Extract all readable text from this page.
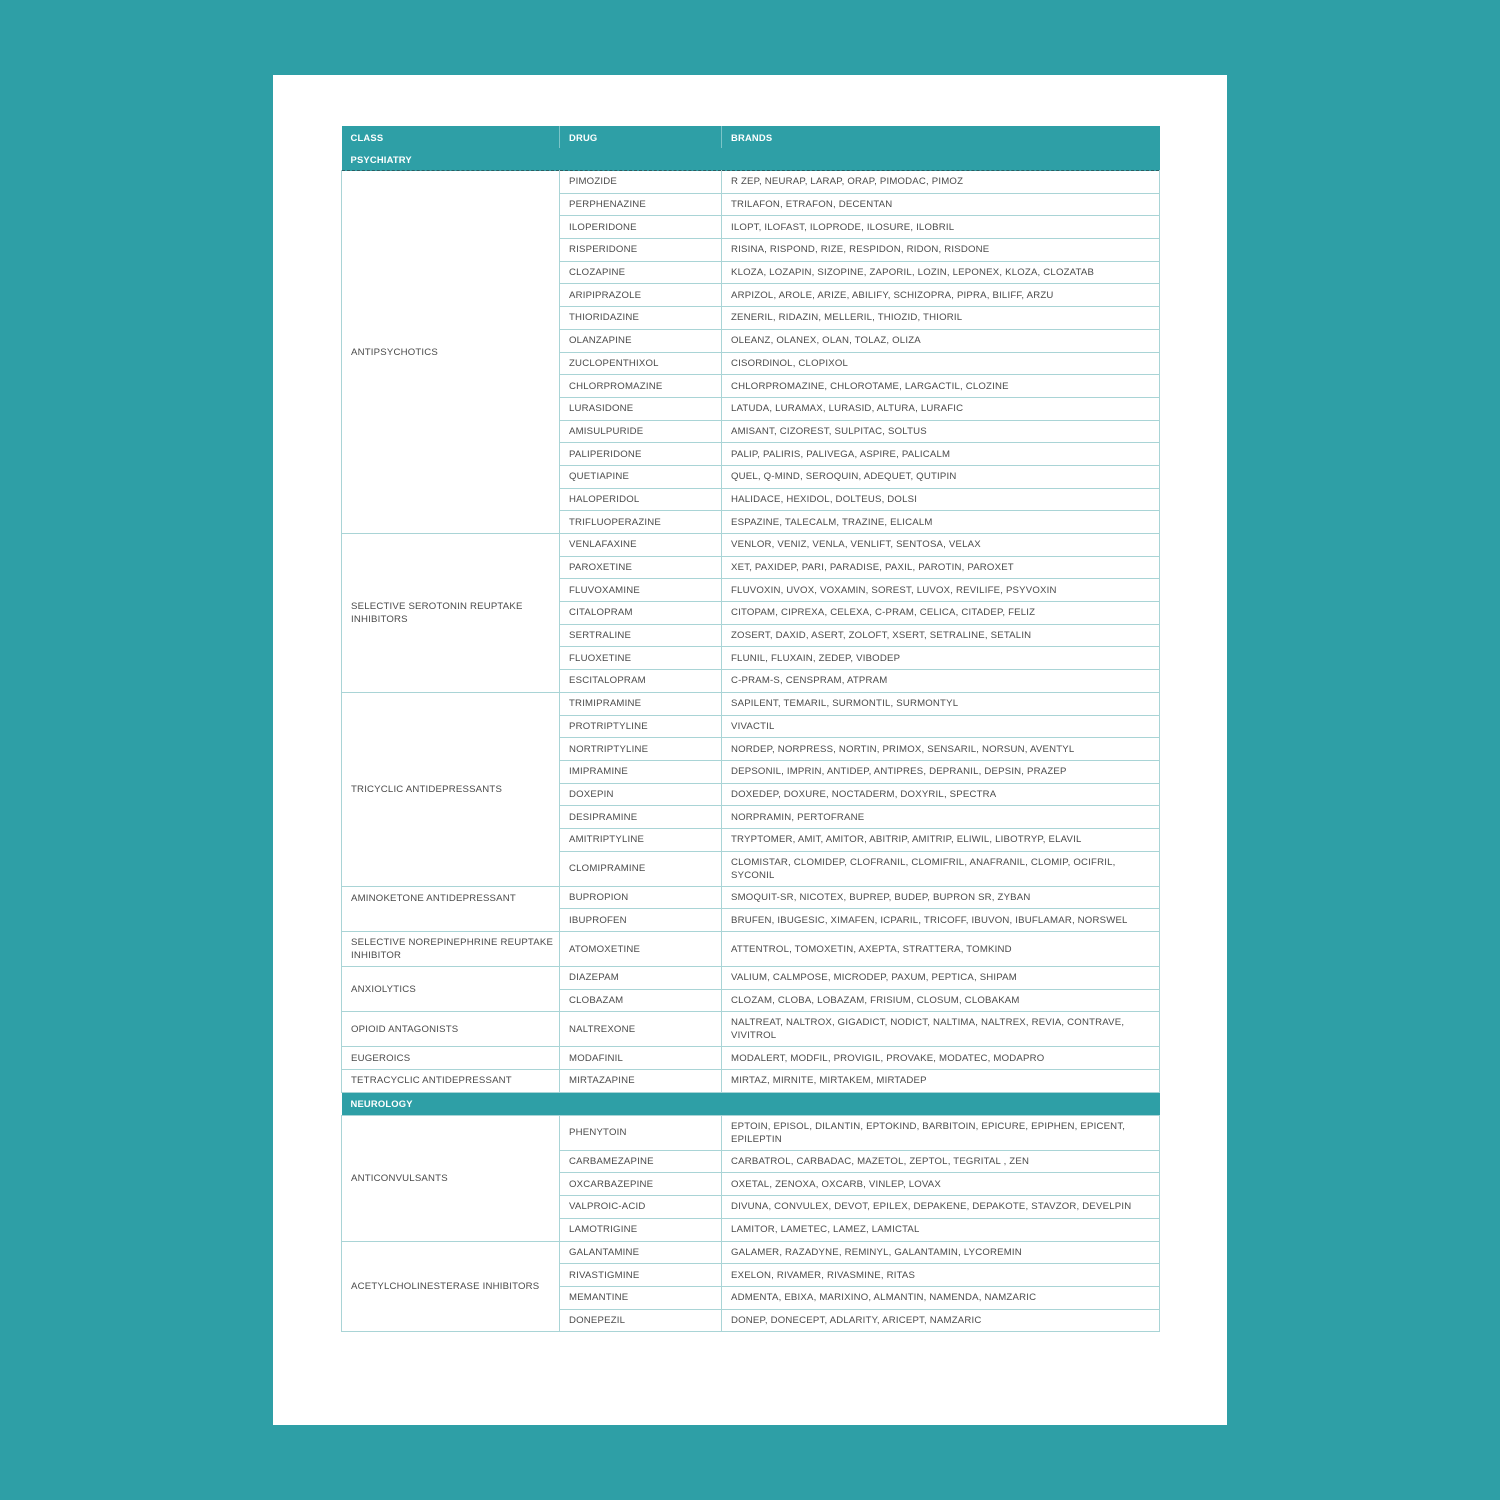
CLASS	DRUG	BRANDS
PSYCHIATRY		
ANTIPSYCHOTICS	PIMOZIDE	R ZEP, NEURAP, LARAP, ORAP, PIMODAC, PIMOZ
	PERPHENAZINE	TRILAFON, ETRAFON, DECENTAN
	ILOPERIDONE	ILOPT, ILOFAST, ILOPRODE, ILOSURE, ILOBRIL
	RISPERIDONE	RISINA, RISPOND, RIZE, RESPIDON, RIDON, RISDONE
	CLOZAPINE	KLOZA, LOZAPIN, SIZOPINE, ZAPORIL, LOZIN, LEPONEX, KLOZA, CLOZATAB
	ARIPIPRAZOLE	ARPIZOL, AROLE, ARIZE, ABILIFY, SCHIZOPRA, PIPRA, BILIFF, ARZU
	THIORIDAZINE	ZENERIL, RIDAZIN, MELLERIL, THIOZID, THIORIL
	OLANZAPINE	OLEANZ, OLANEX, OLAN, TOLAZ, OLIZA
	ZUCLOPENTHIXOL	CISORDINOL, CLOPIXOL
	CHLORPROMAZINE	CHLORPROMAZINE, CHLOROTAME, LARGACTIL, CLOZINE
	LURASIDONE	LATUDA, LURAMAX, LURASID, ALTURA, LURAFIC
	AMISULPURIDE	AMISANT, CIZOREST, SULPITAC, SOLTUS
	PALIPERIDONE	PALIP, PALIRIS, PALIVEGA, ASPIRE, PALICALM
	QUETIAPINE	QUEL, Q-MIND, SEROQUIN, ADEQUET, QUTIPIN
	HALOPERIDOL	HALIDACE, HEXIDOL, DOLTEUS, DOLSI
	TRIFLUOPERAZINE	ESPAZINE, TALECALM, TRAZINE, ELICALM
SELECTIVE SEROTONIN REUPTAKE INHIBITORS	VENLAFAXINE	VENLOR, VENIZ, VENLA, VENLIFT, SENTOSA, VELAX
	PAROXETINE	XET, PAXIDEP, PARI, PARADISE, PAXIL, PAROTIN, PAROXET
	FLUVOXAMINE	FLUVOXIN, UVOX, VOXAMIN, SOREST, LUVOX, REVILIFE, PSYVOXIN
	CITALOPRAM	CITOPAM, CIPREXA, CELEXA, C-PRAM, CELICA, CITADEP, FELIZ
	SERTRALINE	ZOSERT, DAXID, ASERT, ZOLOFT, XSERT, SETRALINE, SETALIN
	FLUOXETINE	FLUNIL, FLUXAIN, ZEDEP, VIBODEP
	ESCITALOPRAM	C-PRAM-S, CENSPRAM, ATPRAM
TRICYCLIC ANTIDEPRESSANTS	TRIMIPRAMINE	SAPILENT, TEMARIL, SURMONTIL, SURMONTYL
	PROTRIPTYLINE	VIVACTIL
	NORTRIPTYLINE	NORDEP, NORPRESS, NORTIN, PRIMOX, SENSARIL, NORSUN, AVENTYL
	IMIPRAMINE	DEPSONIL, IMPRIN, ANTIDEP, ANTIPRES, DEPRANIL, DEPSIN, PRAZEP
	DOXEPIN	DOXEDEP, DOXURE, NOCTADERM, DOXYRIL, SPECTRA
	DESIPRAMINE	NORPRAMIN, PERTOFRANE
	AMITRIPTYLINE	TRYPTOMER, AMIT, AMITOR, ABITRIP, AMITRIP, ELIWIL, LIBOTRYP, ELAVIL
	CLOMIPRAMINE	CLOMISTAR, CLOMIDEP, CLOFRANIL, CLOMIFRIL, ANAFRANIL, CLOMIP, OCIFRIL, SYCONIL
AMINOKETONE ANTIDEPRESSANT	BUPROPION	SMOQUIT-SR, NICOTEX, BUPREP, BUDEP, BUPRON SR, ZYBAN
	IBUPROFEN	BRUFEN, IBUGESIC, XIMAFEN, ICPARIL, TRICOFF, IBUVON, IBUFLAMAR, NORSWEL
SELECTIVE NOREPINEPHRINE REUPTAKE INHIBITOR	ATOMOXETINE	ATTENTROL, TOMOXETIN, AXEPTA, STRATTERA, TOMKIND
ANXIOLYTICS	DIAZEPAM	VALIUM, CALMPOSE, MICRODEP, PAXUM, PEPTICA, SHIPAM
	CLOBAZAM	CLOZAM, CLOBA, LOBAZAM, FRISIUM, CLOSUM, CLOBAKAM
OPIOID ANTAGONISTS	NALTREXONE	NALTREAT, NALTROX, GIGADICT, NODICT, NALTIMA, NALTREX, REVIA, CONTRAVE, VIVITROL
EUGEROICS	MODAFINIL	MODALERT, MODFIL, PROVIGIL, PROVAKE, MODATEC, MODAPRO
TETRACYCLIC ANTIDEPRESSANT	MIRTAZAPINE	MIRTAZ, MIRNITE, MIRTAKEM, MIRTADEP
NEUROLOGY		
ANTICONVULSANTS	PHENYTOIN	EPTOIN, EPISOL, DILANTIN, EPTOKIND, BARBITOIN, EPICURE, EPIPHEN, EPICENT, EPILEPTIN
	CARBAMEZAPINE	CARBATROL, CARBADAC, MAZETOL, ZEPTOL, TEGRITAL , ZEN
	OXCARBAZEPINE	OXETAL, ZENOXA, OXCARB, VINLEP, LOVAX
	VALPROIC-ACID	DIVUNA, CONVULEX, DEVOT, EPILEX, DEPAKENE, DEPAKOTE, STAVZOR, DEVELPIN
	LAMOTRIGINE	LAMITOR, LAMETEC, LAMEZ, LAMICTAL
ACETYLCHOLINESTERASE INHIBITORS	GALANTAMINE	GALAMER, RAZADYNE, REMINYL, GALANTAMIN, LYCOREMIN
	RIVASTIGMINE	EXELON, RIVAMER, RIVASMINE, RITAS
	MEMANTINE	ADMENTA, EBIXA, MARIXINO, ALMANTIN, NAMENDA, NAMZARIC
	DONEPEZIL	DONEP, DONECEPT, ADLARITY, ARICEPT, NAMZARIC
